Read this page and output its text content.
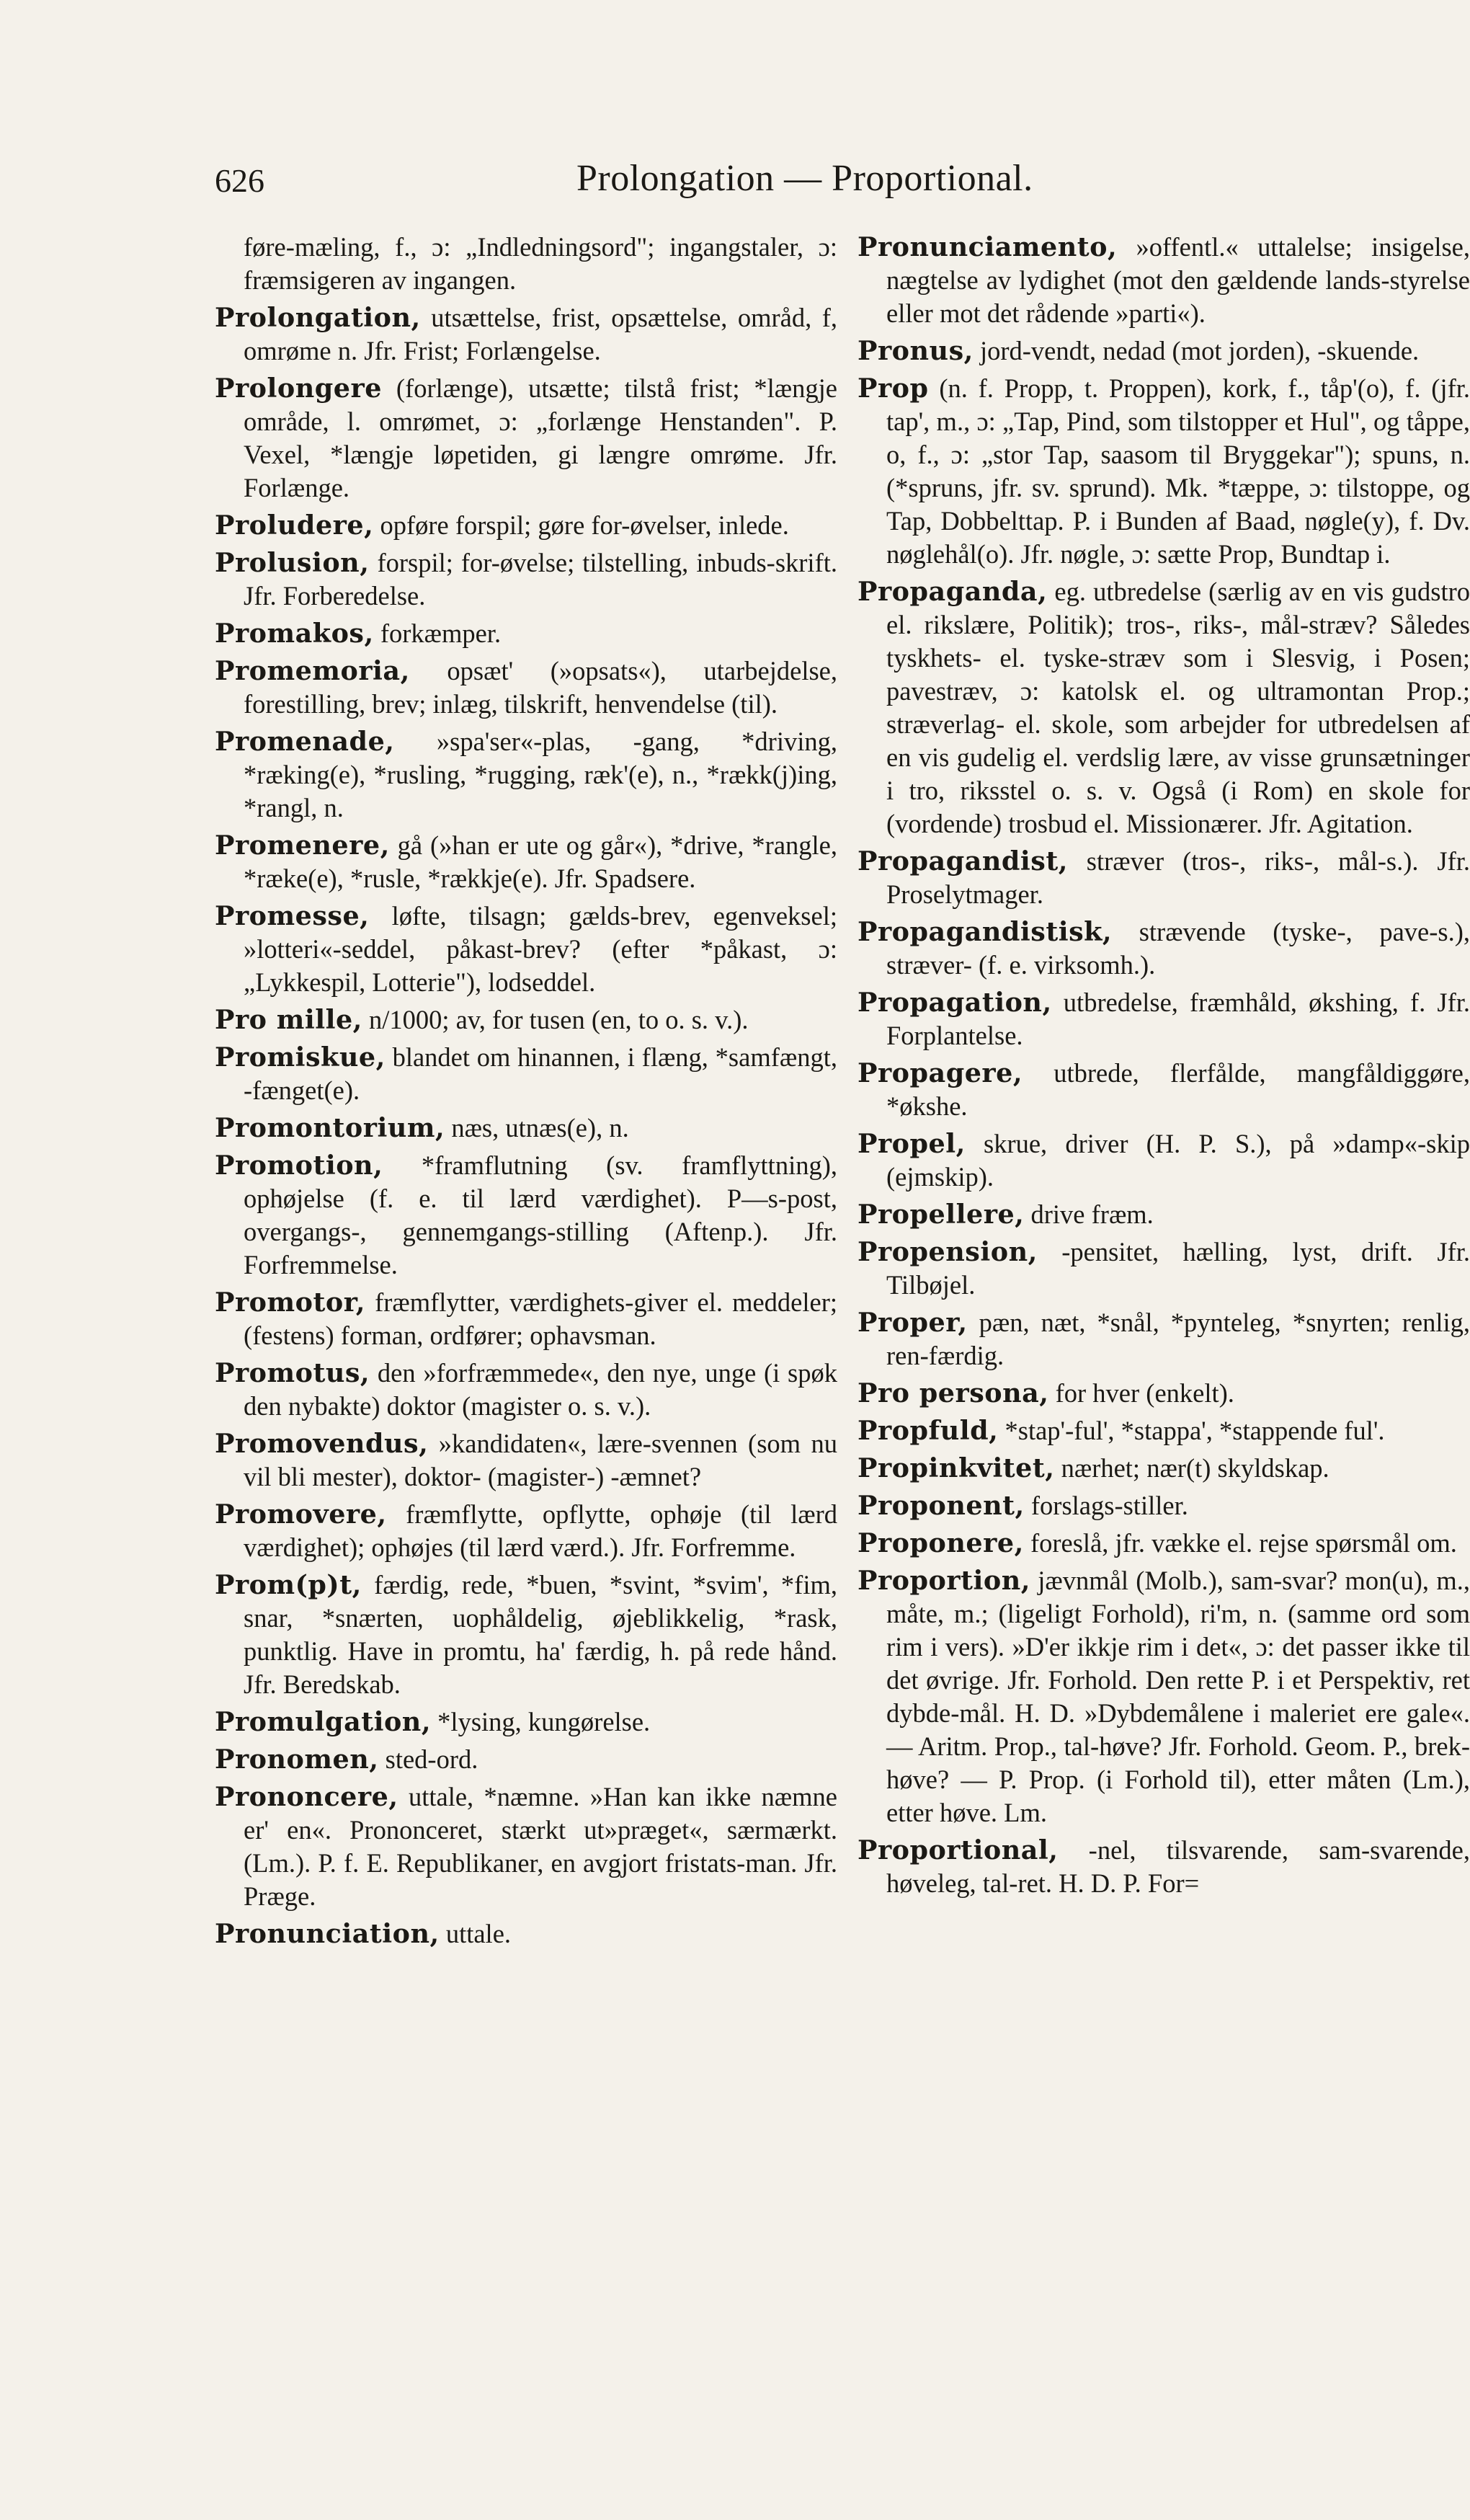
626	Prolongation — Proportional.

føre-mæling, f., ɔ: „Indledningsord"; ingangstaler, ɔ: fræmsigeren av ingangen.

Prolongation, utsættelse, frist, opsættelse, områd, f, omrøme n. Jfr. Frist; Forlængelse.

Prolongere (forlænge), utsætte; tilstå frist; *længje område, l. omrømet, ɔ: „forlænge Henstanden". P. Vexel, *længje løpetiden, gi længre omrøme. Jfr. Forlænge.

Proludere, opføre forspil; gøre for-øvelser, inlede.

Prolusion, forspil; for-øvelse; tilstelling, inbuds-skrift. Jfr. Forberedelse.

Promakos, forkæmper.

Promemoria, opsæt' (»opsats«), utarbejdelse, forestilling, brev; inlæg, tilskrift, henvendelse (til).

Promenade, »spa'ser«-plas, -gang, *driving, *ræking(e), *rusling, *rugging, ræk'(e), n., *rækk(j)ing, *rangl, n.

Promenere, gå (»han er ute og går«), *drive, *rangle, *ræke(e), *rusle, *rækkje(e). Jfr. Spadsere.

Promesse, løfte, tilsagn; gælds-brev, egenveksel; »lotteri«-seddel, påkast-brev? (efter *påkast, ɔ: „Lykkespil, Lotterie"), lodseddel.

Pro mille, n/1000; av, for tusen (en, to o. s. v.).

Promiskue, blandet om hinannen, i flæng, *samfængt, -fænget(e).

Promontorium, næs, utnæs(e), n.

Promotion, *framflutning (sv. framflyttning), ophøjelse (f. e. til lærd værdighet). P—s-post, overgangs-, gennemgangs-stilling (Aftenp.). Jfr. Forfremmelse.

Promotor, fræmflytter, værdighets-giver el. meddeler; (festens) forman, ordfører; ophavsman.

Promotus, den »forfræmmede«, den nye, unge (i spøk den nybakte) doktor (magister o. s. v.).

Promovendus, »kandidaten«, lære-svennen (som nu vil bli mester), doktor- (magister-) -æmnet?

Promovere, fræmflytte, opflytte, ophøje (til lærd værdighet); ophøjes (til lærd værd.). Jfr. Forfremme.

Prom(p)t, færdig, rede, *buen, *svint, *svim', *fim, snar, *snærten, uophåldelig, øjeblikkelig, *rask, punktlig. Have in promtu, ha' færdig, h. på rede hånd. Jfr. Beredskab.

Promulgation, *lysing, kungørelse.

Pronomen, sted-ord.

Prononcere, uttale, *næmne. »Han kan ikke næmne er' en«. Prononceret, stærkt ut»præget«, særmærkt. (Lm.). P. f. E. Republikaner, en avgjort fristats-man. Jfr. Præge.

Pronunciation, uttale.

Pronunciamento, »offentl.« uttalelse; insigelse, nægtelse av lydighet (mot den gældende lands-styrelse eller mot det rådende »parti«).

Pronus, jord-vendt, nedad (mot jorden), -skuende.

Prop (n. f. Propp, t. Proppen), kork, f., tåp'(o), f. (jfr. tap', m., ɔ: „Tap, Pind, som tilstopper et Hul", og tåppe, o, f., ɔ: „stor Tap, saasom til Bryggekar"); spuns, n. (*spruns, jfr. sv. sprund). Mk. *tæppe, ɔ: tilstoppe, og Tap, Dobbelttap. P. i Bunden af Baad, nøgle(y), f. Dv. nøglehål(o). Jfr. nøgle, ɔ: sætte Prop, Bundtap i.

Propaganda, eg. utbredelse (særlig av en vis gudstro el. rikslære, Politik); tros-, riks-, mål-stræv? Således tyskhets- el. tyske-stræv som i Slesvig, i Posen; pavestræv, ɔ: katolsk el. og ultramontan Prop.; stræverlag- el. skole, som arbejder for utbredelsen af en vis gudelig el. verdslig lære, av visse grunsætninger i tro, riksstel o. s. v. Også (i Rom) en skole for (vordende) trosbud el. Missionærer. Jfr. Agitation.

Propagandist, stræver (tros-, riks-, mål-s.). Jfr. Proselytmager.

Propagandistisk, strævende (tyske-, pave-s.), stræver- (f. e. virksomh.).

Propagation, utbredelse, fræmhåld, økshing, f. Jfr. Forplantelse.

Propagere, utbrede, flerfålde, mangfåldiggøre, *økshe.

Propel, skrue, driver (H. P. S.), på »damp«-skip (ejmskip).

Propellere, drive fræm.

Propension, -pensitet, hælling, lyst, drift. Jfr. Tilbøjel.

Proper, pæn, næt, *snål, *pynteleg, *snyrten; renlig, ren-færdig.

Pro persona, for hver (enkelt).

Propfuld, *stap'-ful', *stappa', *stappende ful'.

Propinkvitet, nærhet; nær(t) skyldskap.

Proponent, forslags-stiller.

Proponere, foreslå, jfr. vække el. rejse spørsmål om.

Proportion, jævnmål (Molb.), sam-svar? mon(u), m., måte, m.; (ligeligt Forhold), ri'm, n. (samme ord som rim i vers). »D'er ikkje rim i det«, ɔ: det passer ikke til det øvrige. Jfr. Forhold. Den rette P. i et Perspektiv, ret dybde-mål. H. D. »Dybdemålene i maleriet ere gale«. — Aritm. Prop., tal-høve? Jfr. Forhold. Geom. P., brek-høve? — P. Prop. (i Forhold til), etter måten (Lm.), etter høve. Lm.

Proportional, -nel, tilsvarende, sam-svarende, høveleg, tal-ret. H. D. P. For=
